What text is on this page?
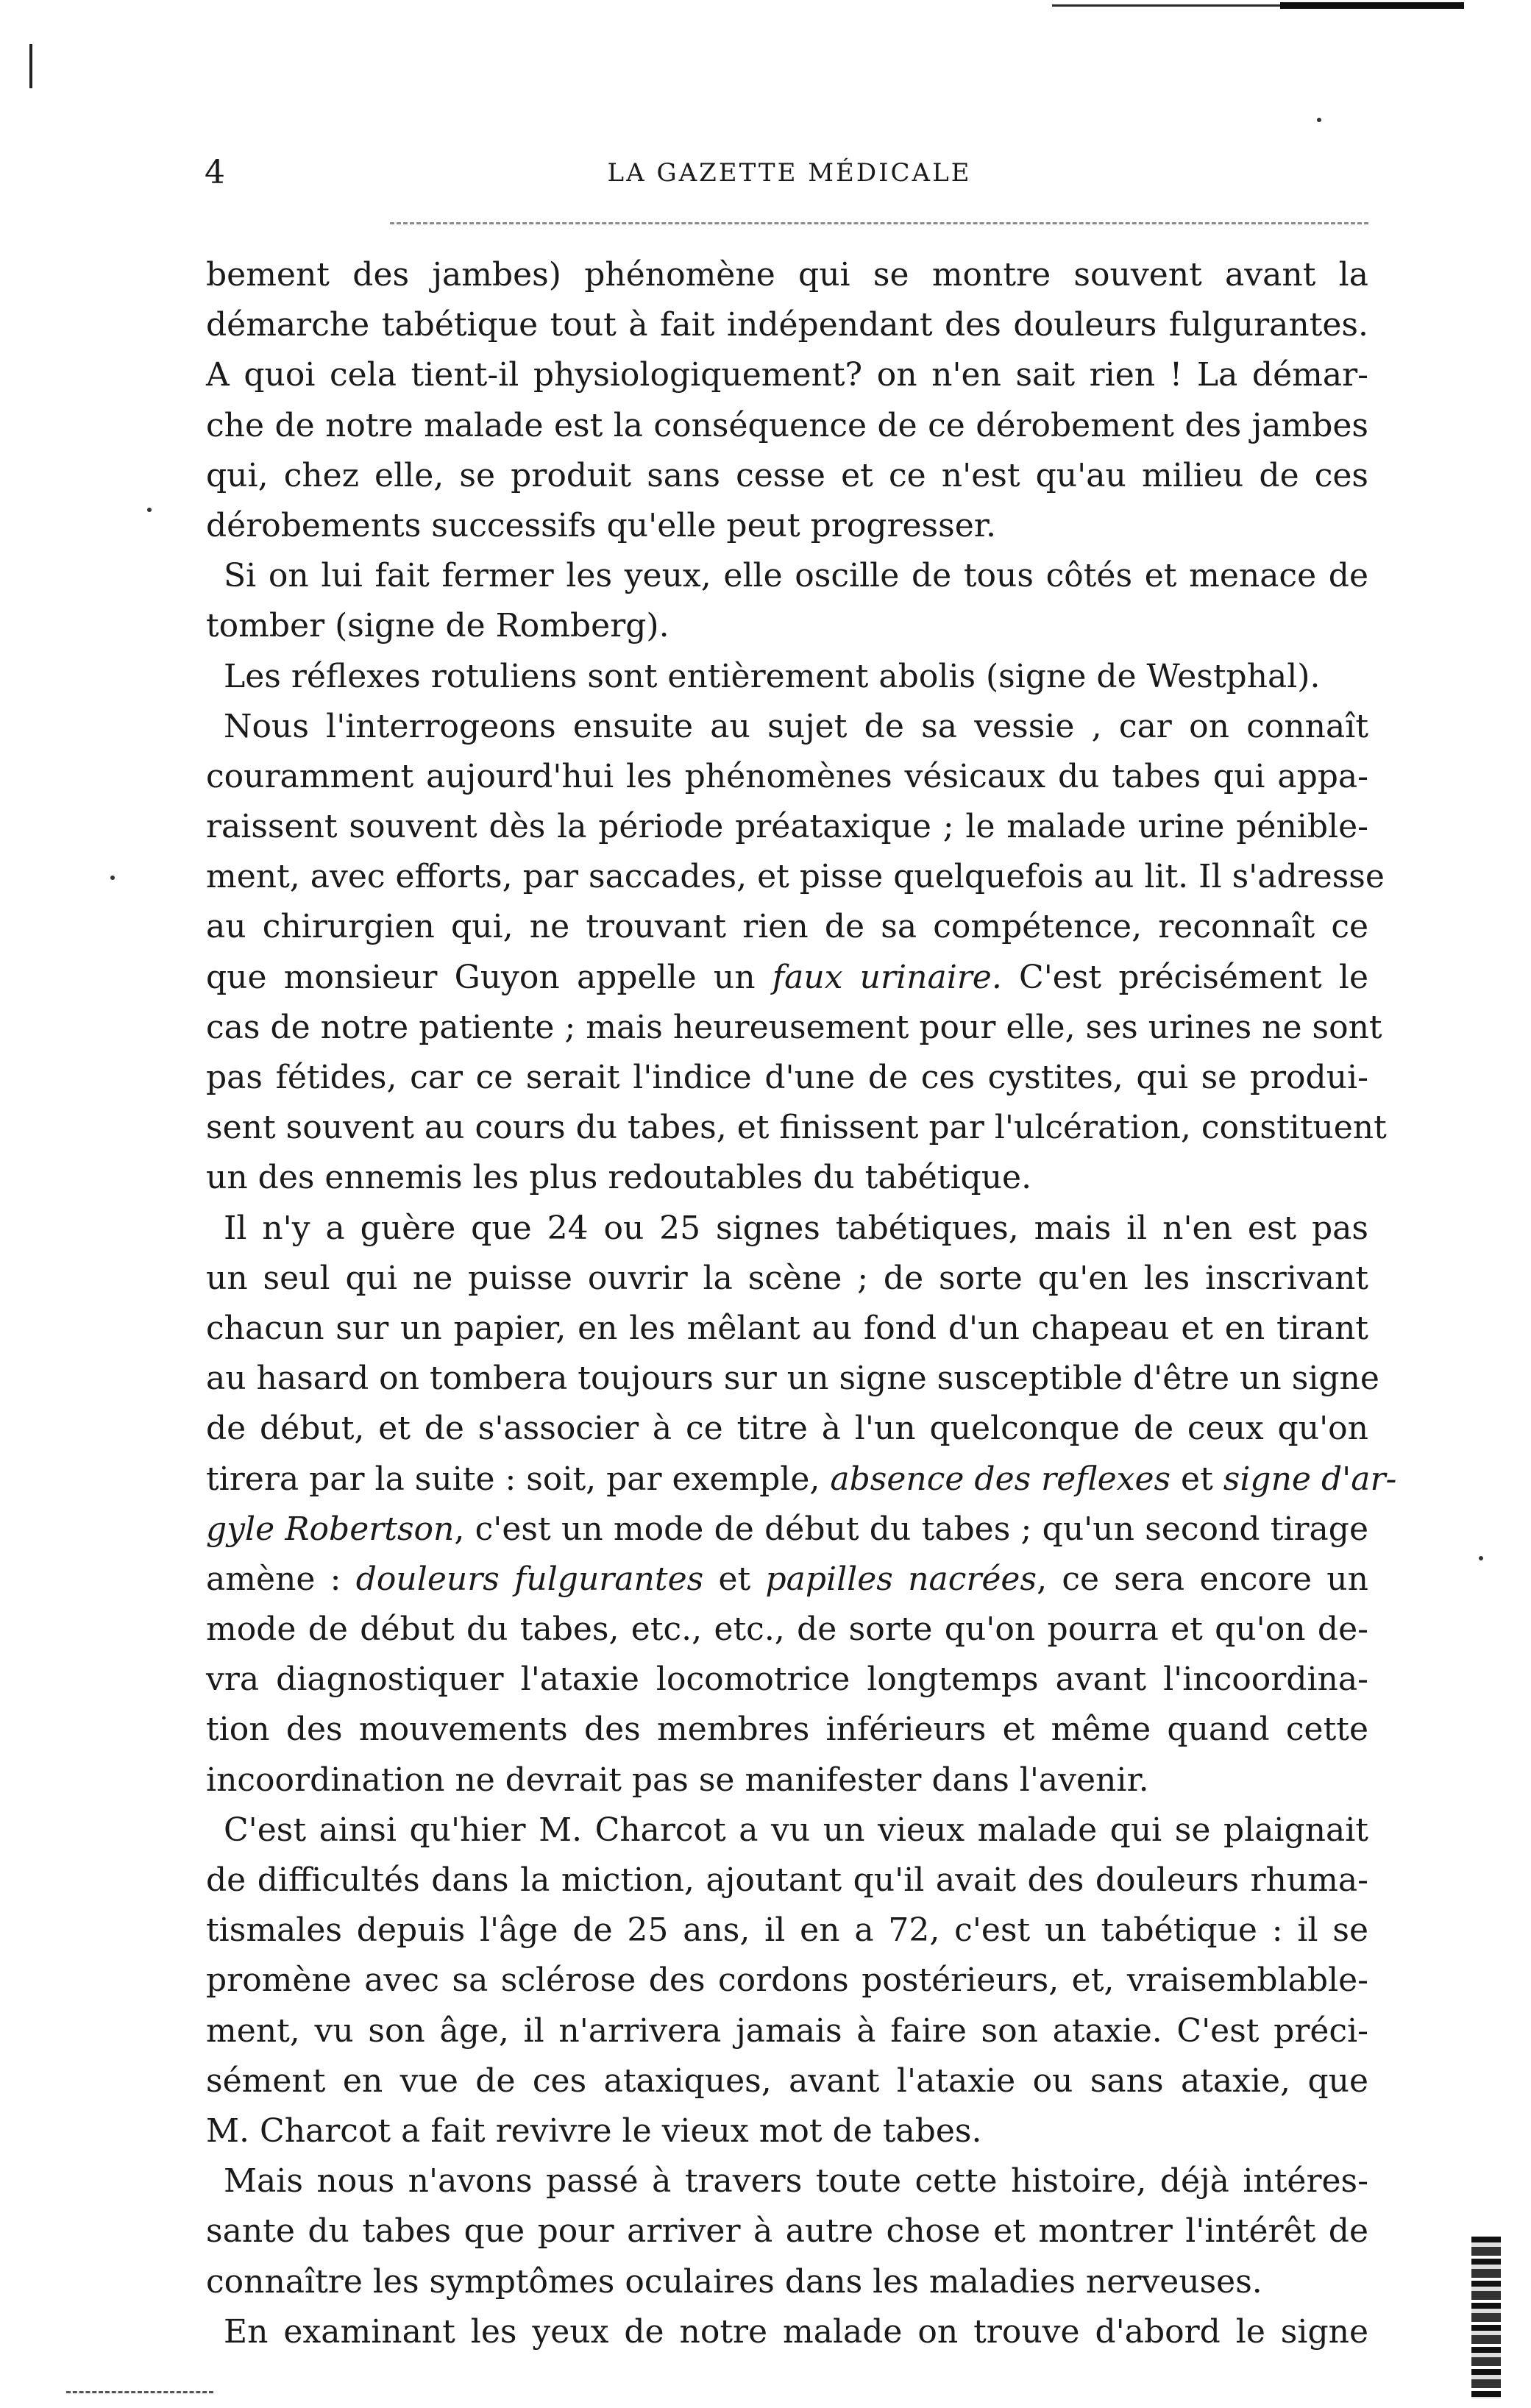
4	LA GAZETTE MÉDICALE
bement des jambes) phénomène qui se montre souvent avant la
démarche tabétique tout à fait indépendant des douleurs fulgurantes.
A quoi cela tient-il physiologiquement? on n'en sait rien ! La démar-
che de notre malade est la conséquence de ce dérobement des jambes
qui, chez elle, se produit sans cesse et ce n'est qu'au milieu de ces
dérobements successifs qu'elle peut progresser.
Si on lui fait fermer les yeux, elle oscille de tous côtés et menace de
tomber (signe de Romberg).
Les réflexes rotuliens sont entièrement abolis (signe de Westphal).
Nous l'interrogeons ensuite au sujet de sa vessie , car on connaît
couramment aujourd'hui les phénomènes vésicaux du tabes qui appa-
raissent souvent dès la période préataxique ; le malade urine pénible-
ment, avec efforts, par saccades, et pisse quelquefois au lit. Il s'adresse
au chirurgien qui, ne trouvant rien de sa compétence, reconnaît ce
que monsieur Guyon appelle un faux urinaire. C'est précisément le
cas de notre patiente ; mais heureusement pour elle, ses urines ne sont
pas fétides, car ce serait l'indice d'une de ces cystites, qui se produi-
sent souvent au cours du tabes, et finissent par l'ulcération, constituent
un des ennemis les plus redoutables du tabétique.
Il n'y a guère que 24 ou 25 signes tabétiques, mais il n'en est pas
un seul qui ne puisse ouvrir la scène ; de sorte qu'en les inscrivant
chacun sur un papier, en les mêlant au fond d'un chapeau et en tirant
au hasard on tombera toujours sur un signe susceptible d'être un signe
de début, et de s'associer à ce titre à l'un quelconque de ceux qu'on
tirera par la suite : soit, par exemple, absence des reflexes et signe d'ar-
gyle Robertson, c'est un mode de début du tabes ; qu'un second tirage
amène : douleurs fulgurantes et papilles nacrées, ce sera encore un
mode de début du tabes, etc., etc., de sorte qu'on pourra et qu'on de-
vra diagnostiquer l'ataxie locomotrice longtemps avant l'incoordina-
tion des mouvements des membres inférieurs et même quand cette
incoordination ne devrait pas se manifester dans l'avenir.
C'est ainsi qu'hier M. Charcot a vu un vieux malade qui se plaignait
de difficultés dans la miction, ajoutant qu'il avait des douleurs rhuma-
tismales depuis l'âge de 25 ans, il en a 72, c'est un tabétique : il se
promène avec sa sclérose des cordons postérieurs, et, vraisemblable-
ment, vu son âge, il n'arrivera jamais à faire son ataxie. C'est préci-
sément en vue de ces ataxiques, avant l'ataxie ou sans ataxie, que
M. Charcot a fait revivre le vieux mot de tabes.
Mais nous n'avons passé à travers toute cette histoire, déjà intéres-
sante du tabes que pour arriver à autre chose et montrer l'intérêt de
connaître les symptômes oculaires dans les maladies nerveuses.
En examinant les yeux de notre malade on trouve d'abord le signe
